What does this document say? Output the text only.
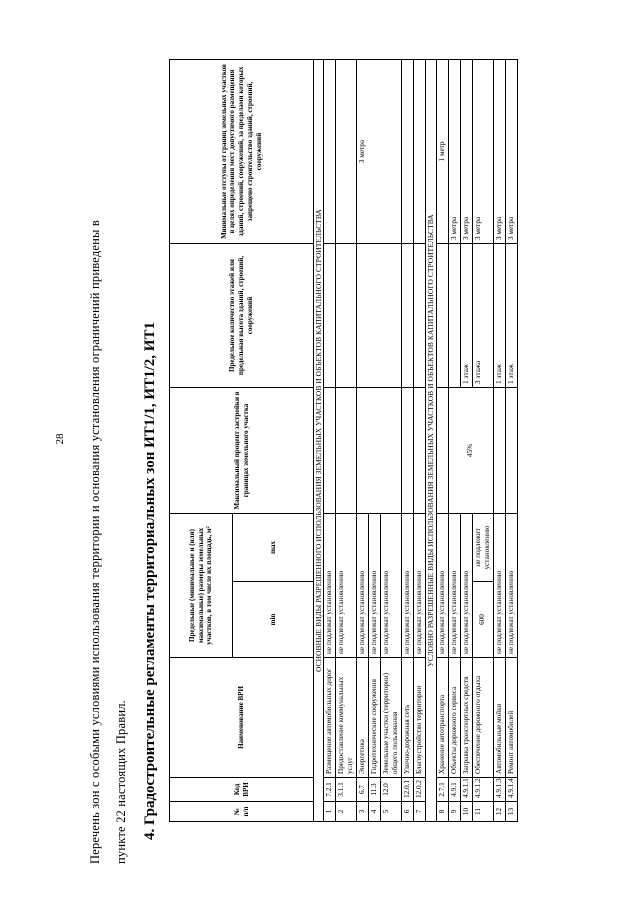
28	Перечень зон с особыми условиями использования территории и основания установления ограничений приведены в пункте 22 настоящих Правил. 4. Градостроительные регламенты территориальных зон ИТ1/1, ИТ1/2, ИТ1	№ п/п	Код ВРИ	Наименование ВРИ	Предельные (минимальные и (или) максимальные) размеры земельных участков, в том числе их площадь, м²		Максимальный процент застройки в границах земельного участка	Предельное количество этажей или предельная высота зданий, строений, сооружений	Минимальные отступы от границ земельных участков в целях определения мест допустимого размещения зданий, строений, сооружений, за пределами которых запрещено строительство зданий, строений, сооружений
			min	max			
ОСНОВНЫЕ ВИДЫ РАЗРЕШЕННОГО ИСПОЛЬЗОВАНИЯ ЗЕМЕЛЬНЫХ УЧАСТКОВ И ОБЪЕКТОВ КАПИТАЛЬНОГО СТРОИТЕЛЬСТВА							
1	7.2.1	Размещение автомобильных дорог	не подлежат установлению				
2	3.1.1	Предоставление коммунальных услуг	не подлежат установлению				
3	6.7	Энергетика	не подлежат установлению				3 метра
4	11.3	Гидротехнические сооружения	не подлежат установлению				
5	12.0	Земельные участки (территории) общего пользования	не подлежат установлению				
6	12.0.1	Улично-дорожная сеть	не подлежат установлению				
7	12.0.2	Благоустройство территории	не подлежат установлению				
УСЛОВНО РАЗРЕШЕННЫЕ ВИДЫ ИСПОЛЬЗОВАНИЯ ЗЕМЕЛЬНЫХ УЧАСТКОВ И ОБЪЕКТОВ КАПИТАЛЬНОГО СТРОИТЕЛЬСТВА							
8	2.7.1	Хранение автотранспорта	не подлежат установлению				1 метр
9	4.9.1	Объекты дорожного сервиса	не подлежат установлению		45%		3 метра
10	4.9.1.1	Заправка транспортных средств	не подлежат установлению			1 этаж	3 метра
11	4.9.1.2	Обеспечение дорожного отдыха	600	не подлежит установлению		3 этажа	3 метра
12	4.9.1.3	Автомобильные мойки	не подлежат установлению			1 этаж	3 метра
13	4.9.1.4	Ремонт автомобилей	не подлежат установлению			1 этаж	3 метра
